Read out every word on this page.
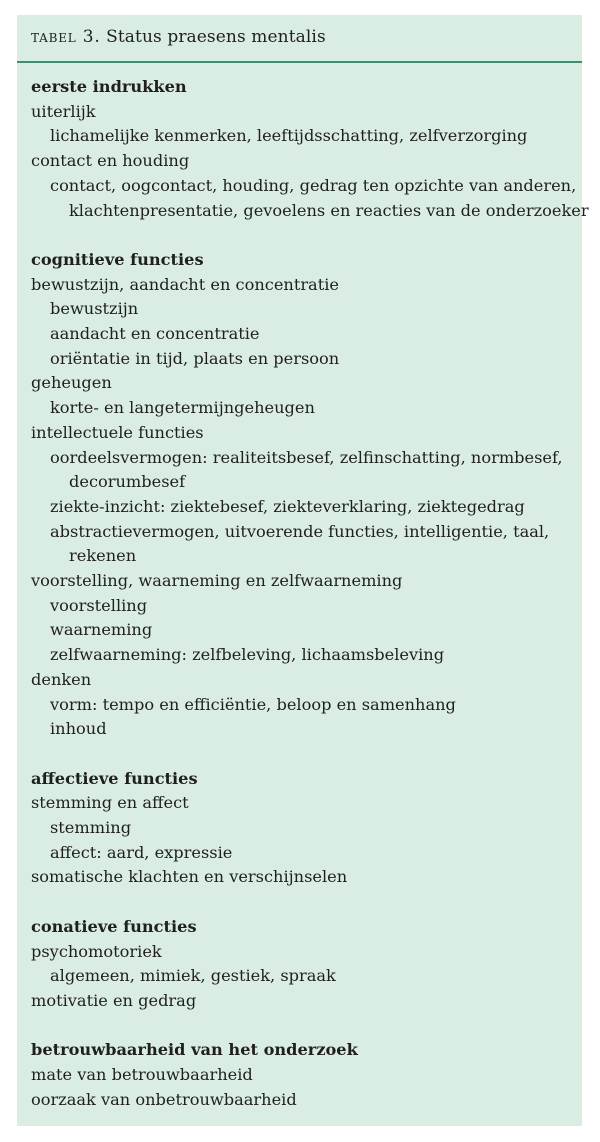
tabel 3. Status praesens mentalis
eerste indrukken
uiterlijk
lichamelijke kenmerken, leeftijdsschatting, zelfverzorging
contact en houding
contact, oogcontact, houding, gedrag ten opzichte van anderen,
klachtenpresentatie, gevoelens en reacties van de onderzoeker
cognitieve functies
bewustzijn, aandacht en concentratie
bewustzijn
aandacht en concentratie
oriëntatie in tijd, plaats en persoon
geheugen
korte- en langetermijngeheugen
intellectuele functies
oordeelsvermogen: realiteitsbesef, zelfinschatting, normbesef,
decorumbesef
ziekte-inzicht: ziektebesef, ziekteverklaring, ziektegedrag
abstractievermogen, uitvoerende functies, intelligentie, taal,
rekenen
voorstelling, waarneming en zelfwaarneming
voorstelling
waarneming
zelfwaarneming: zelfbeleving, lichaamsbeleving
denken
vorm: tempo en efficiëntie, beloop en samenhang
inhoud
affectieve functies
stemming en affect
stemming
affect: aard, expressie
somatische klachten en verschijnselen
conatieve functies
psychomotoriek
algemeen, mimiek, gestiek, spraak
motivatie en gedrag
betrouwbaarheid van het onderzoek
mate van betrouwbaarheid
oorzaak van onbetrouwbaarheid
